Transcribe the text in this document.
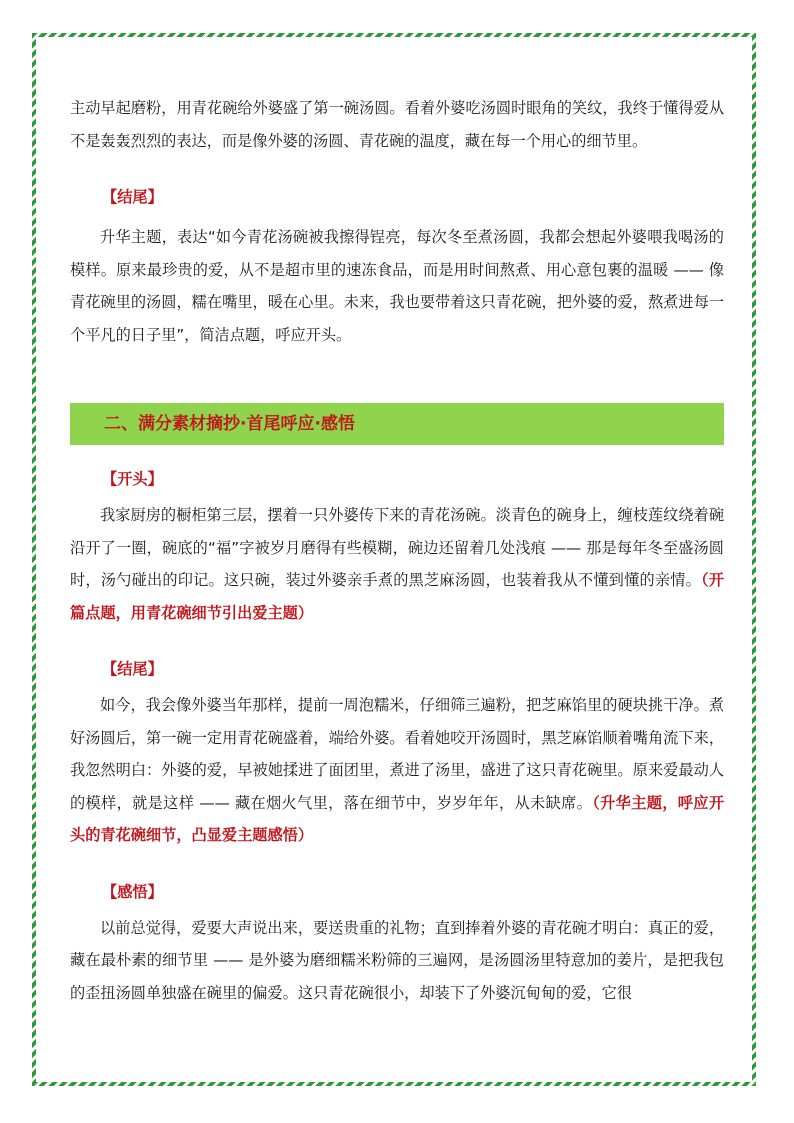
主动早起磨粉，用青花碗给外婆盛了第一碗汤圆。看着外婆吃汤圆时眼角的笑纹，我终于懂得爱从不是轰轰烈烈的表达，而是像外婆的汤圆、青花碗的温度，藏在每一个用心的细节里。

【结尾】

升华主题，表达“如今青花汤碗被我擦得锃亮，每次冬至煮汤圆，我都会想起外婆喂我喝汤的模样。原来最珍贵的爱，从不是超市里的速冻食品，而是用时间熬煮、用心意包裹的温暖 —— 像青花碗里的汤圆，糯在嘴里，暖在心里。未来，我也要带着这只青花碗，把外婆的爱，熬煮进每一个平凡的日子里”，简洁点题，呼应开头。

二、满分素材摘抄·首尾呼应·感悟

【开头】

我家厨房的橱柜第三层，摆着一只外婆传下来的青花汤碗。淡青色的碗身上，缠枝莲纹绕着碗沿开了一圈，碗底的“福”字被岁月磨得有些模糊，碗边还留着几处浅痕 —— 那是每年冬至盛汤圆时，汤勺碰出的印记。这只碗，装过外婆亲手煮的黑芝麻汤圆，也装着我从不懂到懂的亲情。（开篇点题，用青花碗细节引出爱主题）

【结尾】

如今，我会像外婆当年那样，提前一周泡糯米，仔细筛三遍粉，把芝麻馅里的硬块挑干净。煮好汤圆后，第一碗一定用青花碗盛着，端给外婆。看着她咬开汤圆时，黑芝麻馅顺着嘴角流下来，我忽然明白：外婆的爱，早被她揉进了面团里，煮进了汤里，盛进了这只青花碗里。原来爱最动人的模样，就是这样 —— 藏在烟火气里，落在细节中，岁岁年年，从未缺席。（升华主题，呼应开头的青花碗细节，凸显爱主题感悟）

【感悟】

以前总觉得，爱要大声说出来，要送贵重的礼物；直到捧着外婆的青花碗才明白：真正的爱，藏在最朴素的细节里 —— 是外婆为磨细糯米粉筛的三遍网，是汤圆汤里特意加的姜片，是把我包的歪扭汤圆单独盛在碗里的偏爱。这只青花碗很小，却装下了外婆沉甸甸的爱，它很
